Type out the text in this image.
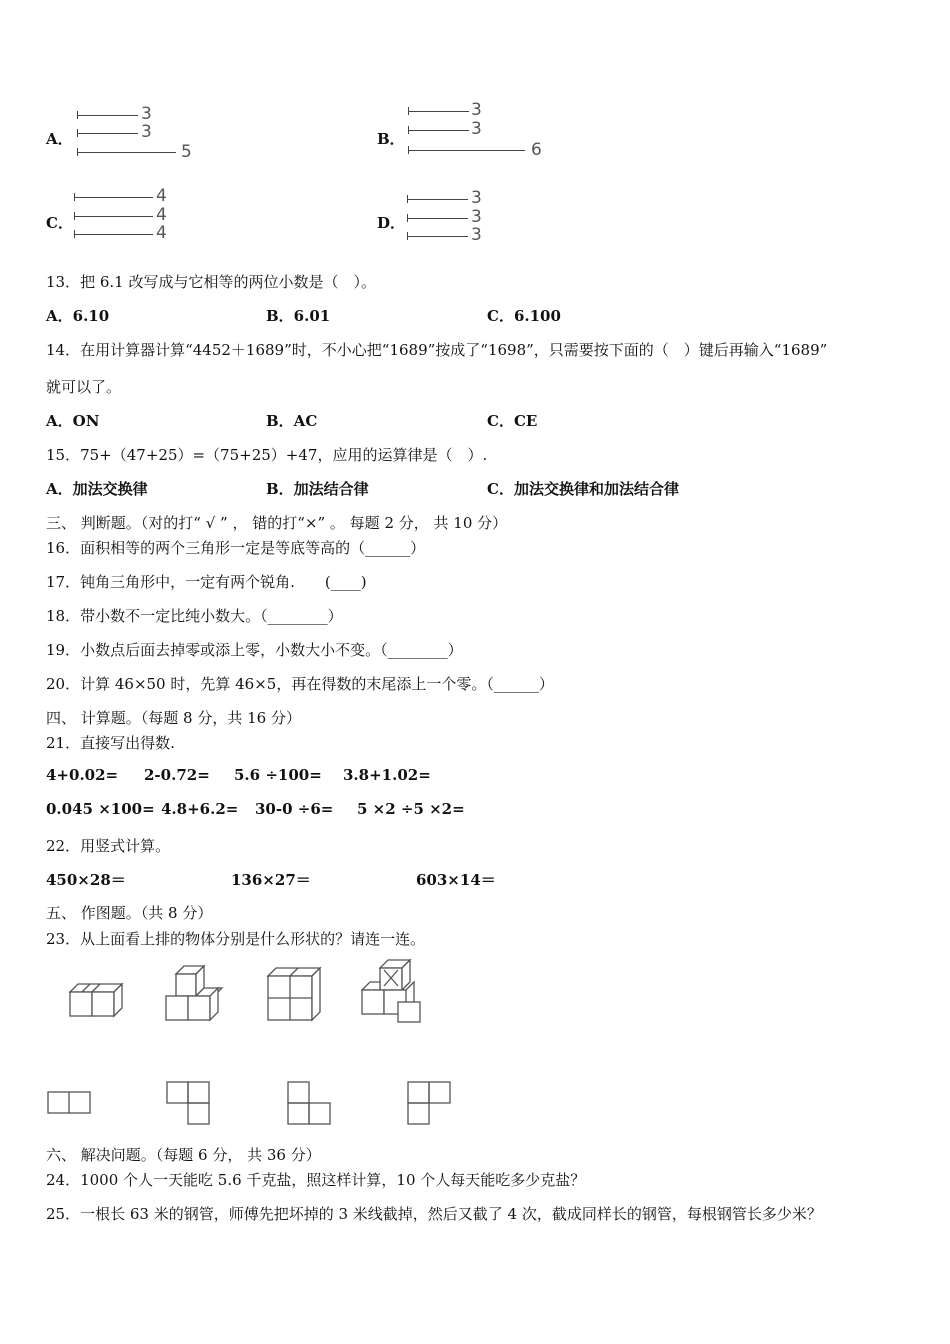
A．
3
3
5
B．
3
3
6
C．
4
4
4	D．
3
3
3
13．把 6.1 改写成与它相等的两位小数是（　）。
A．6.10	B．6.01	C．6.100
14．在用计算器计算“4452＋1689”时，不小心把“1689”按成了“1698”，只需要按下面的（　）键后再输入“1689”
就可以了。
A．ON	B．AC	C．CE
15．75+（47+25）=（75+25）+47，应用的运算律是（　）.
A．加法交换律	B．加法结合律	C．加法交换律和加法结合律
三、 判断题。（对的打“ √ ” ， 错的打“×” 。 每题 2 分， 共 10 分）
16．面积相等的两个三角形一定是等底等高的（______）
17．钝角三角形中，一定有两个锐角.　　(____)
18．带小数不一定比纯小数大。（________）
19．小数点后面去掉零或添上零，小数大小不变。（________）
20．计算 46×50 时，先算 46×5，再在得数的末尾添上一个零。（______）
四、 计算题。（每题 8 分，共 16 分）
21．直接写出得数.
4+0.02= 2-0.72= 5.6 ÷100= 3.8+1.02=
0.045 ×100= 4.8+6.2= 30-0 ÷6= 5 ×2 ÷5 ×2=
22．用竖式计算。
450×28＝	136×27＝	603×14＝
五、 作图题。（共 8 分）
23．从上面看上排的物体分别是什么形状的？请连一连。
六、 解决问题。（每题 6 分， 共 36 分）
24．1000 个人一天能吃 5.6 千克盐，照这样计算，10 个人每天能吃多少克盐？
25．一根长 63 米的钢管，师傅先把坏掉的 3 米线截掉，然后又截了 4 次，截成同样长的钢管，每根钢管长多少米？
